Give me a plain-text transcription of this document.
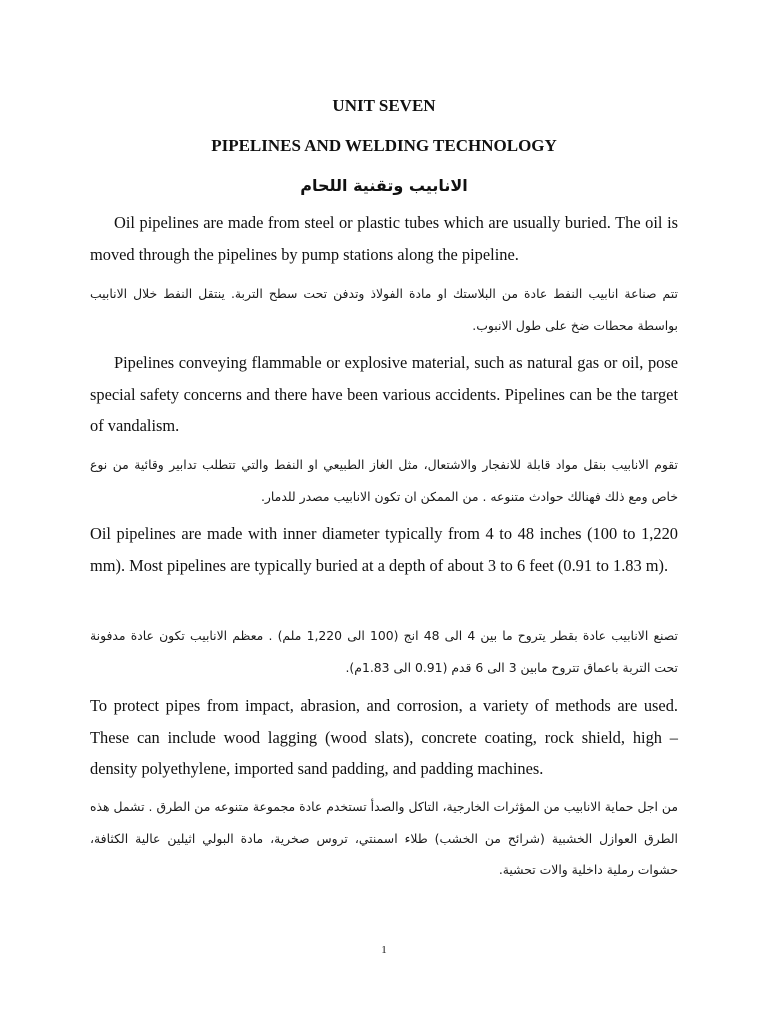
UNIT SEVEN
PIPELINES AND WELDING TECHNOLOGY
الانابيب وتقنية اللحام

Oil pipelines are made from steel or plastic tubes which are usually buried. The oil is moved through the pipelines by pump stations along the pipeline.

تتم صناعة انابيب النفط عادة من البلاستك او مادة الفولاذ وتدفن تحت سطح التربة. ينتقل النفط خلال الانابيب بواسطة محطات ضخ على طول الانبوب.

Pipelines conveying flammable or explosive material, such as natural gas or oil, pose special safety concerns and there have been various accidents. Pipelines can be the target of vandalism.

تقوم الانابيب بنقل مواد قابلة للانفجار والاشتعال، مثل الغاز الطبيعي او النفط والتي تتطلب تدابير وقائية من نوع خاص ومع ذلك فهنالك حوادث متنوعه . من الممكن ان تكون الانابيب مصدر للدمار.

Oil pipelines are made with inner diameter typically from 4 to 48 inches (100 to 1,220 mm). Most pipelines are typically buried at a depth of about 3 to 6 feet (0.91 to 1.83 m).

تصنع الانابيب عادة بقطر يتروح ما بين 4 الى 48 انج (100 الى 1,220 ملم) . معظم الانابيب تكون عادة مدفونة تحت التربة باعماق تتروح مابين 3 الى 6 قدم (0.91 الى 1.83م).

To protect pipes from impact, abrasion, and corrosion, a variety of methods are used. These can include wood lagging (wood slats), concrete coating, rock shield, high –density polyethylene, imported sand padding, and padding machines.

من اجل حماية الانابيب من المؤثرات الخارجية، التاكل والصدأ تستخدم عادة مجموعة متنوعه من الطرق . تشمل هذه الطرق العوازل الخشبية (شرائح من الخشب) طلاء اسمنتي، تروس صخرية، مادة البولي اثيلين عالية الكثافة، حشوات رملية داخلية والات تحشية.

1
